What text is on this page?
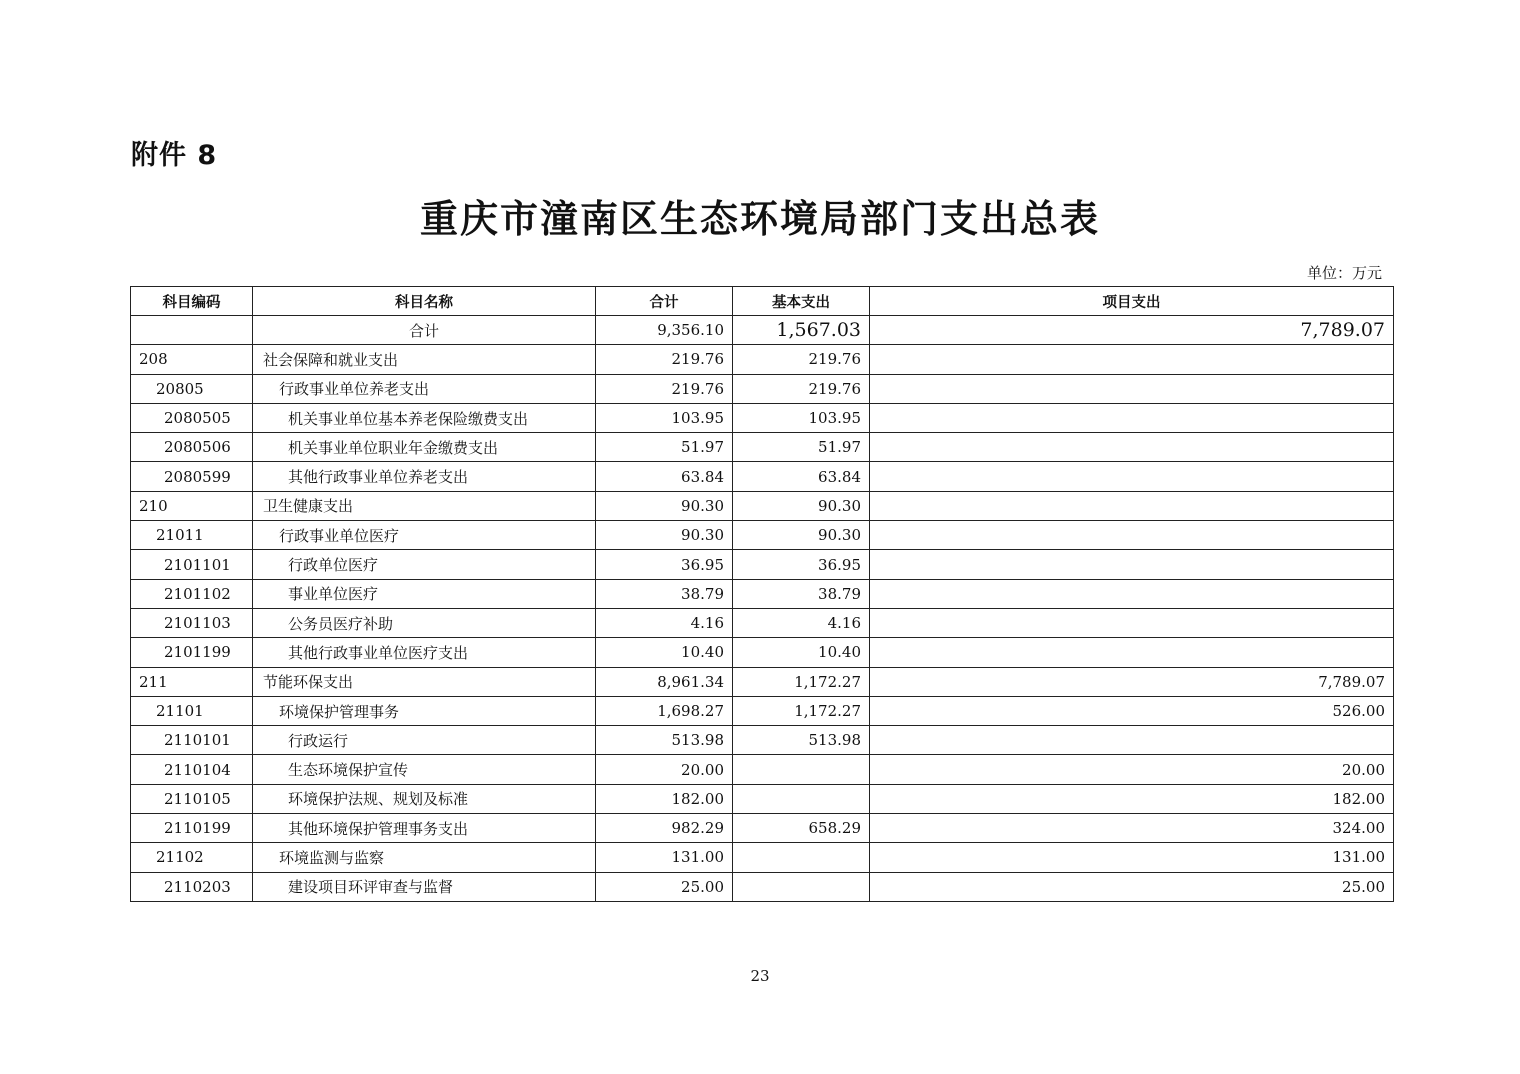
附件 8
重庆市潼南区生态环境局部门支出总表
单位：万元
科目编码	科目名称	合计	基本支出	项目支出
	合计	9,356.10	1,567.03	7,789.07
208	社会保障和就业支出	219.76	219.76	
20805	行政事业单位养老支出	219.76	219.76	
2080505	机关事业单位基本养老保险缴费支出	103.95	103.95	
2080506	机关事业单位职业年金缴费支出	51.97	51.97	
2080599	其他行政事业单位养老支出	63.84	63.84	
210	卫生健康支出	90.30	90.30	
21011	行政事业单位医疗	90.30	90.30	
2101101	行政单位医疗	36.95	36.95	
2101102	事业单位医疗	38.79	38.79	
2101103	公务员医疗补助	4.16	4.16	
2101199	其他行政事业单位医疗支出	10.40	10.40	
211	节能环保支出	8,961.34	1,172.27	7,789.07
21101	环境保护管理事务	1,698.27	1,172.27	526.00
2110101	行政运行	513.98	513.98	
2110104	生态环境保护宣传	20.00		20.00
2110105	环境保护法规、规划及标准	182.00		182.00
2110199	其他环境保护管理事务支出	982.29	658.29	324.00
21102	环境监测与监察	131.00		131.00
2110203	建设项目环评审查与监督	25.00		25.00
23
